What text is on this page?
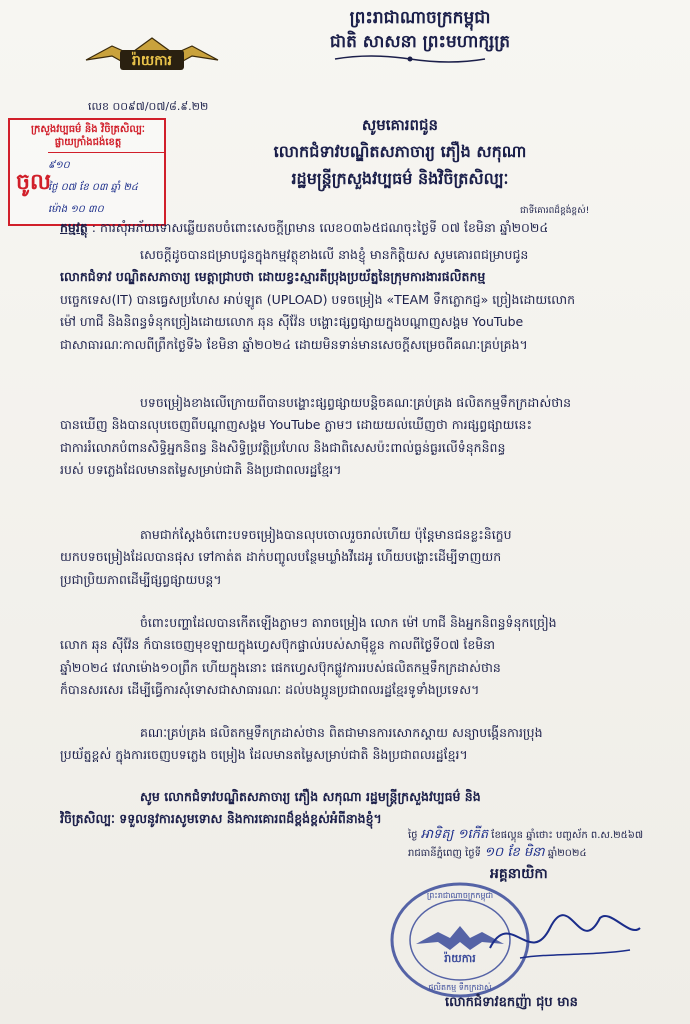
ព្រះរាជាណាចក្រកម្ពុជា
ជាតិ សាសនា ព្រះមហាក្សត្រ
រ៉ាយការ
លេខ ០០៩៧/០៧/៨.៩.២២
ក្រសួងវប្បធម៌ និង វិចិត្រសិល្បៈ
ផ្លាយក្រាំងជង់ខេត្ត
ចូល
៩១០
ថ្ងៃ ០៧ ខែ ០៣ ឆ្នាំ ២៤
ម៉ោង ១០ ៣០
សូមគោរពជូន
លោកជំទាវបណ្ឌិតសភាចារ្យ ភឿង សកុណា
រដ្ឋមន្ត្រីក្រសួងវប្បធម៌ និងវិចិត្រសិល្បៈ
ជាទីគោរពដ៏ខ្ពង់ខ្ពស់!
កម្មវត្ថុ : ការសុំអភ័យទោសឆ្លើយតបចំពោះសេចក្តីព្រមាន លេខ០៣៦៥ជណចុះថ្ងៃទី ០៧ ខែមិនា ឆ្នាំ២០២៤
សេចក្តីដូចបានជម្រាបជូនក្នុងកម្មវត្ថុខាងលើ នាងខ្ញុំ មានកិត្តិយស សូមគោរពជម្រាបជូន
លោកជំទាវ បណ្ឌិតសភាចារ្យ មេត្តាជ្រាបថា ដោយខ្វះស្មារតីប្រុងប្រយ័ត្ននៃក្រុមការងារផលិតកម្ម
បច្ចេកទេស(IT) បានធ្វេសប្រហែស អាប់ឡូត (UPLOAD) បទចម្រៀង «TEAM ទឹកភ្លោកជ្ញ» ច្រៀងដោយលោក
ម៉ៅ ហាជី និងនិពន្ធទំនុកច្រៀងដោយលោក ឆុន ស៊ីវ៉ែន បង្ហោះផ្សព្វផ្សាយក្នុងបណ្តាញសង្គម YouTube
ជាសាធារណៈកាលពីព្រឹកថ្ងៃទី៦ ខែមិនា ឆ្នាំ២០២៤ ដោយមិនទាន់មានសេចក្តីសម្រេចពីគណៈគ្រប់គ្រង។
បទចម្រៀងខាងលើក្រោយពីបានបង្ហោះផ្សព្វផ្សាយបន្តិចគណៈគ្រប់គ្រង ផលិតកម្មទឹកក្រដាស់ថាន
បានឃើញ និងបានលុបចេញពីបណ្តាញសង្គម YouTube ភ្លាមៗ ដោយយល់ឃើញថា ការផ្សព្វផ្សាយនេះ
ជាការរំលោភបំពានសិទ្ធិអ្នកនិពន្ធ និងសិទ្ធិប្រវត្តិប្រហែល និងជាពិសេសប៉ះពាល់ធ្ងន់ធ្ងរលើទំនុកនិពន្ធ
របស់ បទភ្លេងដែលមានតម្លៃសម្រាប់ជាតិ និងប្រជាពលរដ្ឋខ្មែរ។
តាមជាក់ស្តែងចំពោះបទចម្រៀងបានលុបចោលរួចរាល់ហើយ ប៉ុន្តែមានជនខ្លះនិក្ខេប
យកបទចម្រៀងដែលបានផុស ទៅកាត់ត ដាក់បញ្ចូលបន្ថែមឃ្លាំងវីដេអូ ហើយបង្ហោះដើម្បីទាញយក
ប្រជាប្រិយភាពដើម្បីផ្សព្វផ្សាយបន្ត។
ចំពោះបញ្ហាដែលបានកើតឡើងភ្លាមៗ តារាចម្រៀង លោក ម៉ៅ ហាជី និងអ្នកនិពន្ធទំនុកច្រៀង
លោក ឆុន ស៊ីវ៉ែន ក៏បានចេញមុខឡាយក្នុងហ្វេសប៊ុកផ្ទាល់របស់សាម៉ីខ្លួន កាលពីថ្ងៃទី០៧ ខែមិនា
ឆ្នាំ២០២៤ វេលាម៉ោង១០ព្រឹក ហើយក្នុងនោះ ផេកហ្វេសប៊ុកផ្លូវការរបស់ផលិតកម្មទឹកក្រដាស់ថាន
ក៏បានសរសេរ ដើម្បីធ្វើការសុំទោសជាសាធារណៈ ដល់បងប្អូនប្រជាពលរដ្ឋខ្មែរទូទាំងប្រទេស។
គណៈគ្រប់គ្រង ផលិតកម្មទឹកក្រដាស់ថាន ពិតជាមានការសោកស្តាយ សន្យាបង្កើនការប្រុង
ប្រយ័ត្នខ្ពស់ ក្នុងការចេញបទភ្លេង ចម្រៀង ដែលមានតម្លៃសម្រាប់ជាតិ និងប្រជាពលរដ្ឋខ្មែរ។
សូម លោកជំទាវបណ្ឌិតសភាចារ្យ ភឿង សកុណា រដ្ឋមន្ត្រីក្រសួងវប្បធម៌ និង
វិចិត្រសិល្បៈ ទទួលនូវការសូមទោស និងការគោរពដ៏ខ្ពង់ខ្ពស់អំពីនាងខ្ញុំ។
ថ្ងៃ អាទិត្យ ១កើត ខែផល្គុន ឆ្នាំថោះ បញ្ចស័ក ព.ស.២៥៦៧
រាជធានីភ្នំពេញ ថ្ងៃទី ១០ ខែ មិនា ឆ្នាំ២០២៤
អគ្គនាយិកា
ព្រះរាជាណាចក្រកម្ពុជា
ផលិតកម្ម ទឹកក្រដាស់
រ៉ាយការ
លោកជំទាវឧកញ៉ា ជុប មាន
